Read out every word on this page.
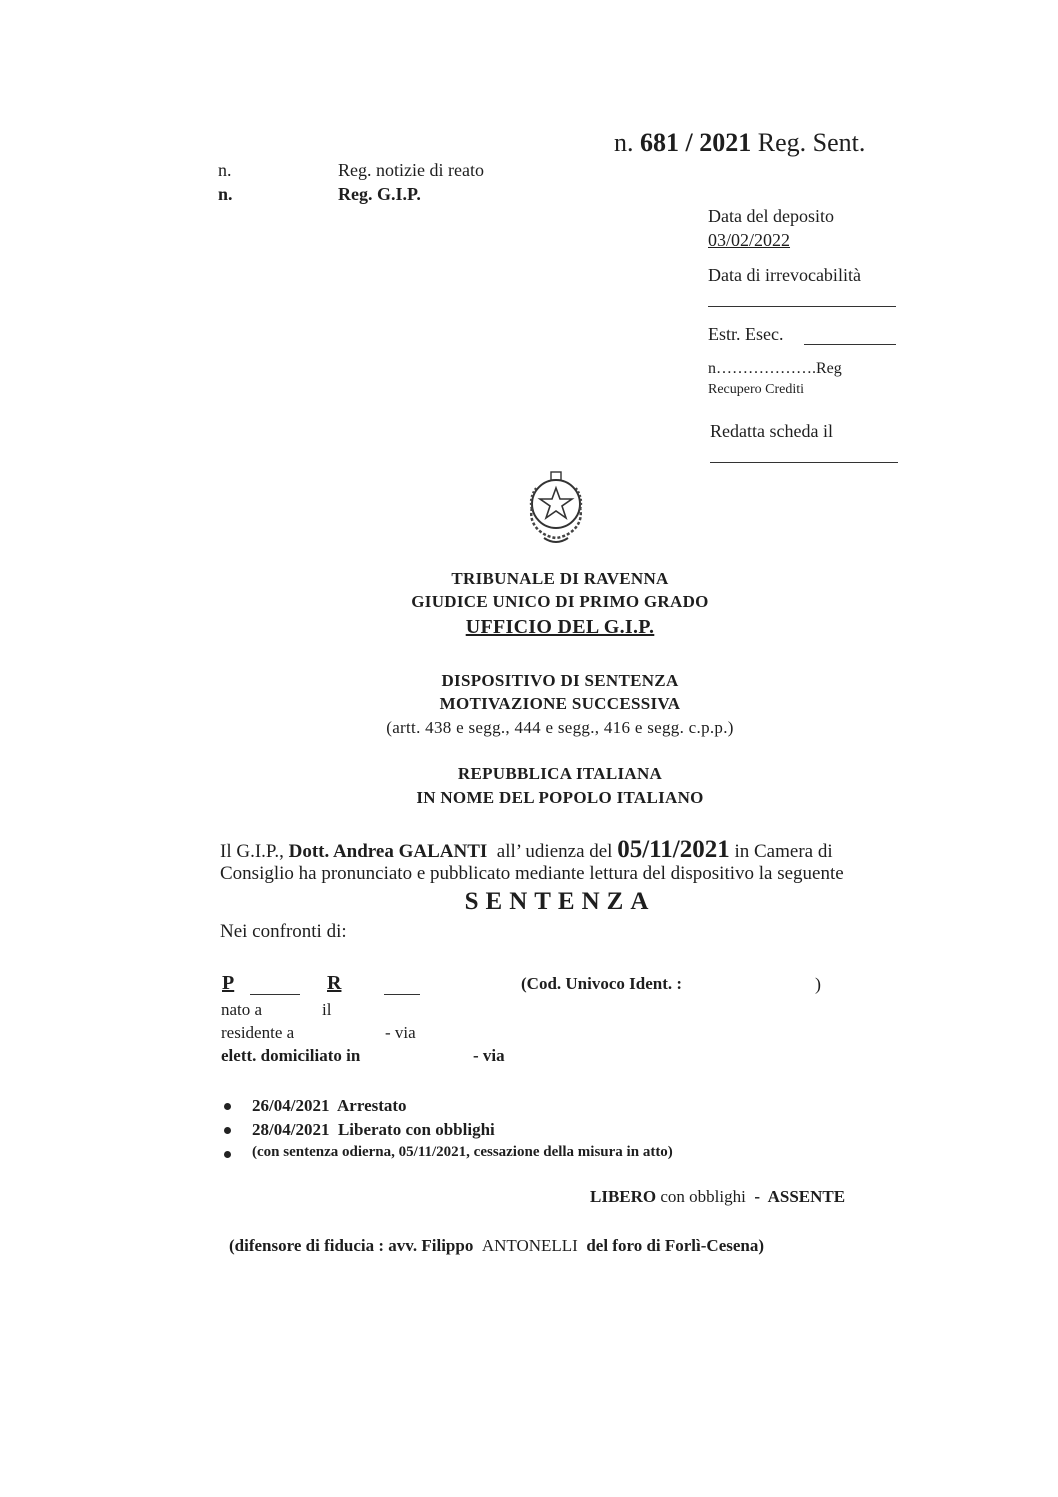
n. 681 / 2021 Reg. Sent.
n.	Reg. notizie di reato
n.	Reg. G.I.P.
Data del deposito
03/02/2022
Data di irrevocabilità
Estr. Esec.
n……………….Reg
Recupero Crediti
Redatta scheda il
TRIBUNALE DI RAVENNA
GIUDICE UNICO DI PRIMO GRADO
UFFICIO DEL G.I.P.
DISPOSITIVO DI SENTENZA
MOTIVAZIONE SUCCESSIVA
(artt. 438 e segg., 444 e segg., 416 e segg. c.p.p.)
REPUBBLICA ITALIANA
IN NOME DEL POPOLO ITALIANO
Il G.I.P., Dott. Andrea GALANTI  all’ udienza del 05/11/2021 in Camera di
Consiglio ha pronunciato e pubblicato mediante lettura del dispositivo la seguente
SENTENZA
Nei confronti di:
P	R	(Cod. Univoco Ident. :	)
nato a	il
residente a	- via
elett. domiciliato in	- via
26/04/2021 Arrestato
28/04/2021 Liberato con obblighi
(con sentenza odierna, 05/11/2021, cessazione della misura in atto)
LIBERO con obblighi  -  ASSENTE
(difensore di fiducia : avv. Filippo  ANTONELLI  del foro di Forlì-Cesena)
